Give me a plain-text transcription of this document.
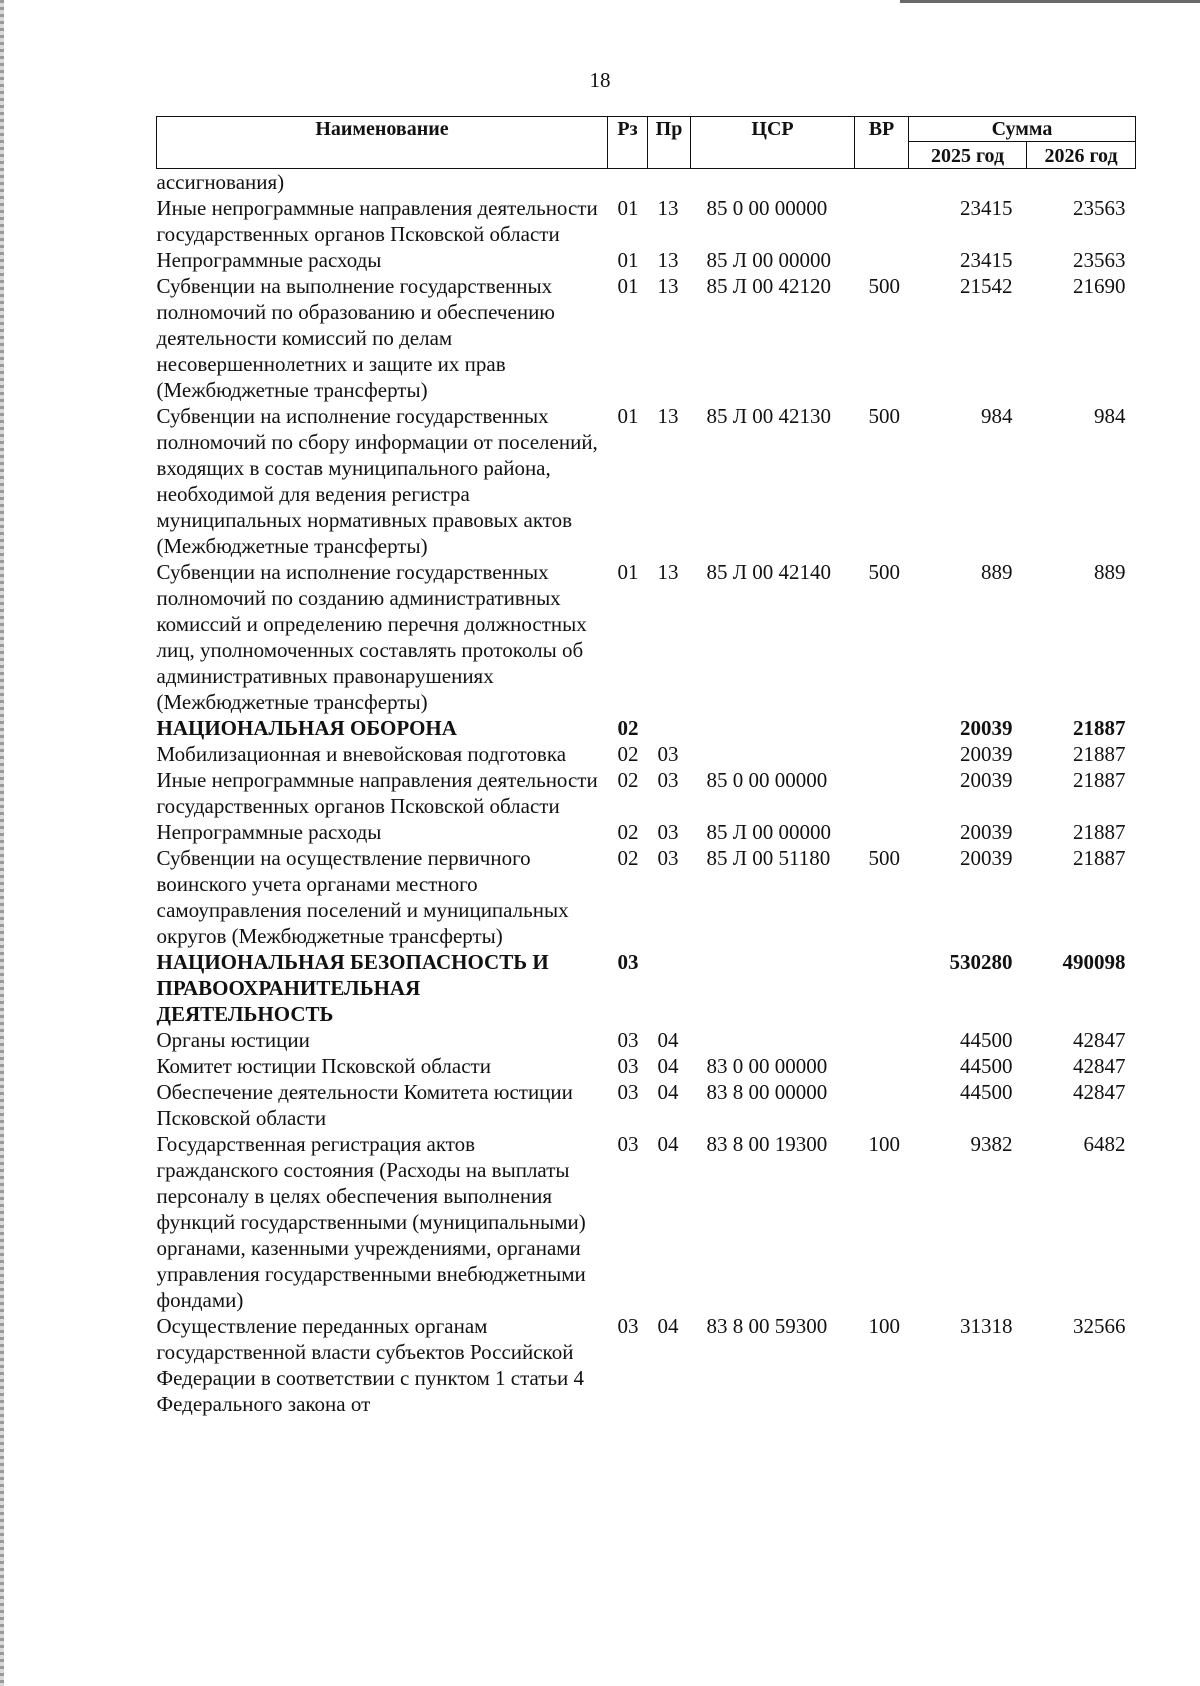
18
Наименование	Рз	Пр	ЦСР	ВР	Сумма	
					2025 год	2026 год
ассигнования)						
Иные непрограммные направления деятельности государственных органов Псковской области	01	13	85 0 00 00000		23415	23563
Непрограммные расходы	01	13	85 Л 00 00000		23415	23563
Субвенции на выполнение государственных полномочий по образованию и обеспечению деятельности комиссий по делам несовершеннолетних и защите их прав (Межбюджетные трансферты)	01	13	85 Л 00 42120	500	21542	21690
Субвенции на исполнение государственных полномочий по сбору информации от поселений, входящих в состав муниципального района, необходимой для ведения регистра муниципальных нормативных правовых актов (Межбюджетные трансферты)	01	13	85 Л 00 42130	500	984	984
Субвенции на исполнение государственных полномочий по созданию административных комиссий и определению перечня должностных лиц, уполномоченных составлять протоколы об административных правонарушениях (Межбюджетные трансферты)	01	13	85 Л 00 42140	500	889	889
НАЦИОНАЛЬНАЯ ОБОРОНА	02				20039	21887
Мобилизационная и вневойсковая подготовка	02	03			20039	21887
Иные непрограммные направления деятельности государственных органов Псковской области	02	03	85 0 00 00000		20039	21887
Непрограммные расходы	02	03	85 Л 00 00000		20039	21887
Субвенции на осуществление первичного воинского учета органами местного самоуправления поселений и муниципальных округов (Межбюджетные трансферты)	02	03	85 Л 00 51180	500	20039	21887
НАЦИОНАЛЬНАЯ БЕЗОПАСНОСТЬ И ПРАВООХРАНИТЕЛЬНАЯ ДЕЯТЕЛЬНОСТЬ	03				530280	490098
Органы юстиции	03	04			44500	42847
Комитет юстиции Псковской области	03	04	83 0 00 00000		44500	42847
Обеспечение деятельности Комитета юстиции Псковской области	03	04	83 8 00 00000		44500	42847
Государственная регистрация актов гражданского состояния (Расходы на выплаты персоналу в целях обеспечения выполнения функций государственными (муниципальными) органами, казенными учреждениями, органами управления государственными внебюджетными фондами)	03	04	83 8 00 19300	100	9382	6482
Осуществление переданных органам государственной власти субъектов Российской Федерации в соответствии с пунктом 1 статьи 4 Федерального закона от	03	04	83 8 00 59300	100	31318	32566
